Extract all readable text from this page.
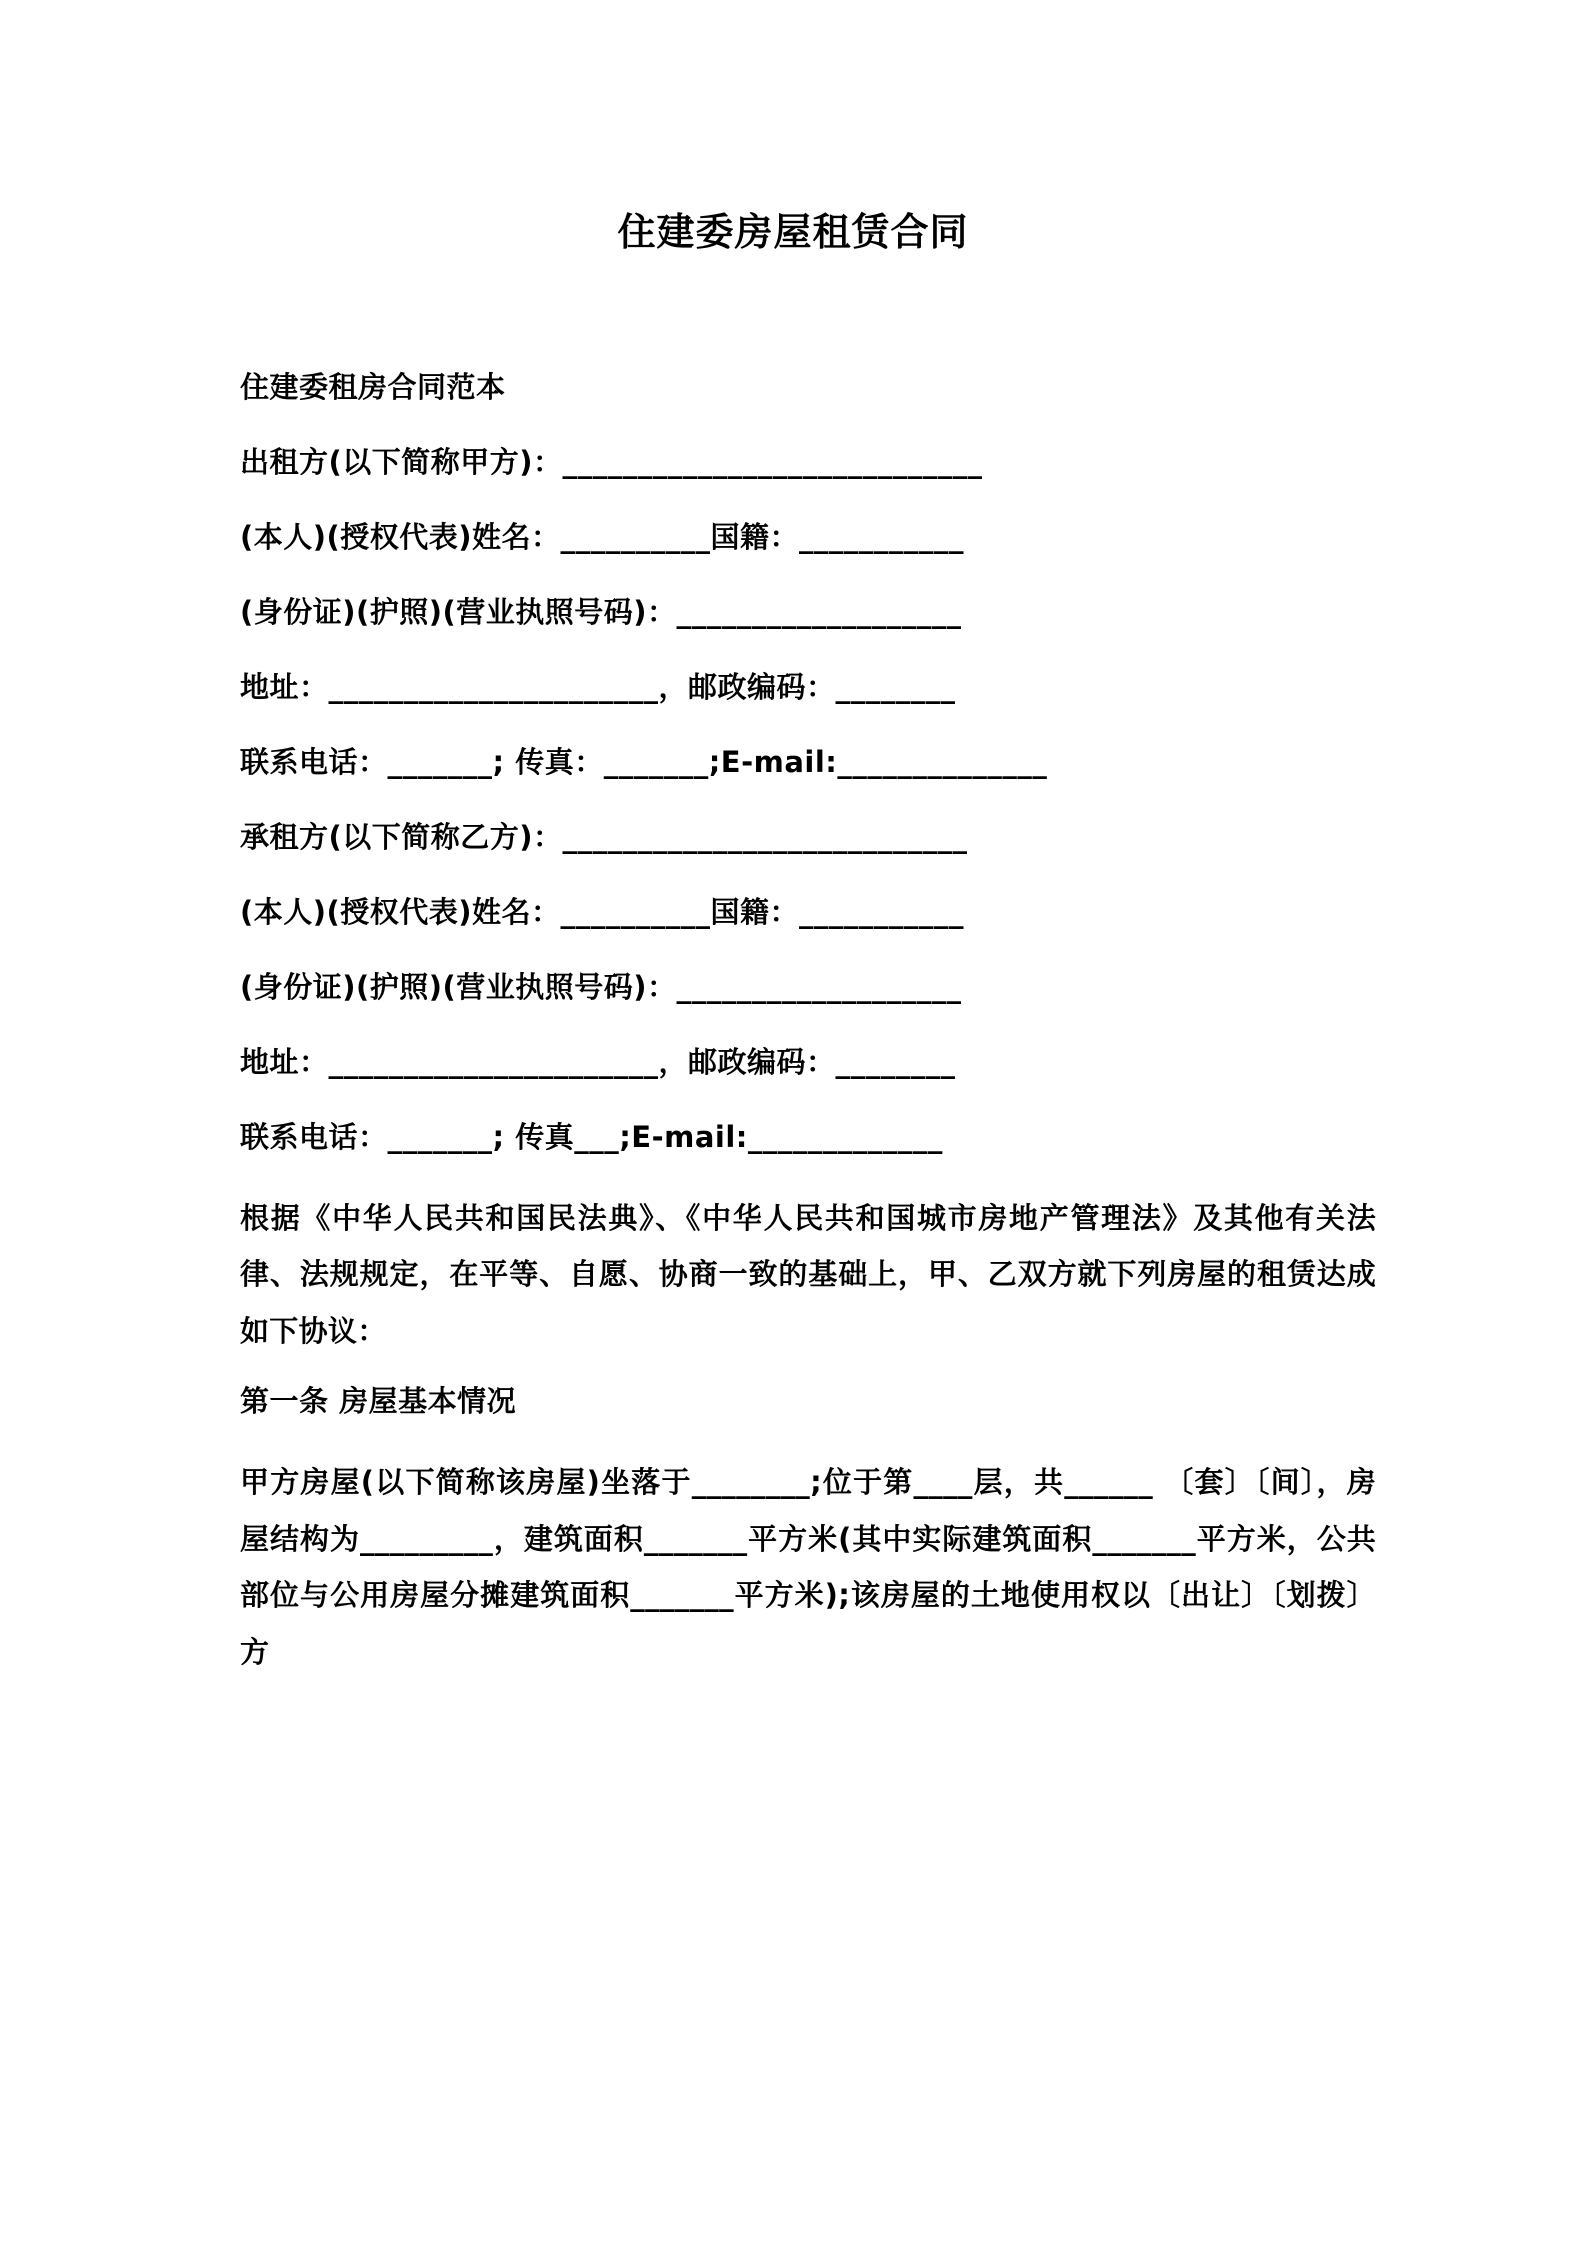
住建委房屋租赁合同

住建委租房合同范本

出租方(以下简称甲方)：____________________________

(本人)(授权代表)姓名：__________国籍：___________

(身份证)(护照)(营业执照号码)：___________________

地址：______________________，邮政编码：________

联系电话：_______; 传真：_______;E-mail:______________

承租方(以下简称乙方)：___________________________

(本人)(授权代表)姓名：__________国籍：___________

(身份证)(护照)(营业执照号码)：___________________

地址：______________________，邮政编码：________

联系电话：_______; 传真___;E-mail:_____________

根据《中华人民共和国民法典》、《中华人民共和国城市房地产管理法》及其他有关法律、法规规定，在平等、自愿、协商一致的基础上，甲、乙双方就下列房屋的租赁达成如下协议：

第一条 房屋基本情况

甲方房屋(以下简称该房屋)坐落于________;位于第____层，共______ 〔套〕〔间〕，房屋结构为_________，建筑面积_______平方米(其中实际建筑面积_______平方米，公共部位与公用房屋分摊建筑面积_______平方米);该房屋的土地使用权以〔出让〕〔划拨〕方
